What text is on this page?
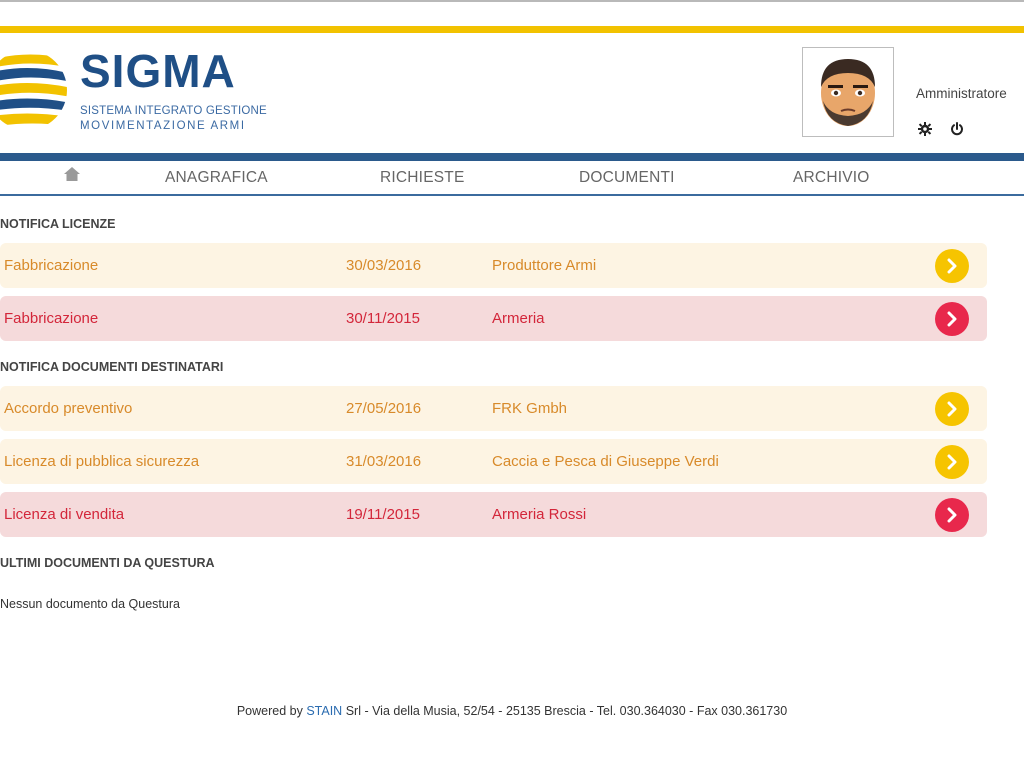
SIGMA
SISTEMA INTEGRATO GESTIONE
MOVIMENTAZIONE ARMI
Amministratore
ANAGRAFICA	RICHIESTE	DOCUMENTI	ARCHIVIO
NOTIFICA LICENZE
Fabbricazione	30/03/2016	Produttore Armi
Fabbricazione	30/11/2015	Armeria
NOTIFICA DOCUMENTI DESTINATARI
Accordo preventivo	27/05/2016	FRK Gmbh
Licenza di pubblica sicurezza	31/03/2016	Caccia e Pesca di Giuseppe Verdi
Licenza di vendita	19/11/2015	Armeria Rossi
ULTIMI DOCUMENTI DA QUESTURA
Nessun documento da Questura
Powered by STAIN Srl - Via della Musia, 52/54 - 25135 Brescia - Tel. 030.364030 - Fax 030.361730
